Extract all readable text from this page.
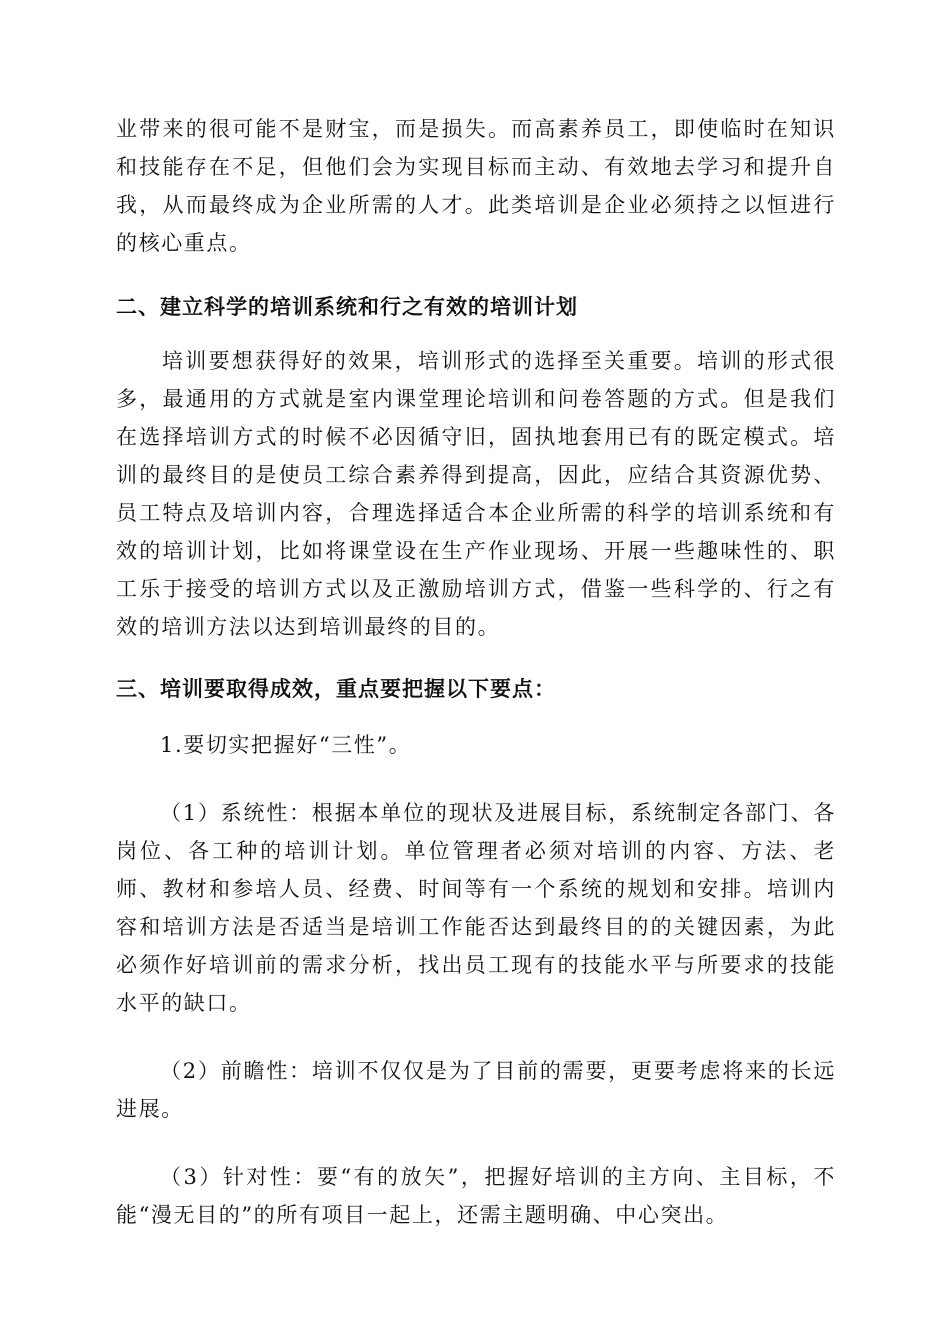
业带来的很可能不是财宝，而是损失。而高素养员工，即使临时在知识和技能存在不足，但他们会为实现目标而主动、有效地去学习和提升自我，从而最终成为企业所需的人才。此类培训是企业必须持之以恒进行的核心重点。

二、建立科学的培训系统和行之有效的培训计划

培训要想获得好的效果，培训形式的选择至关重要。培训的形式很多，最通用的方式就是室内课堂理论培训和问卷答题的方式。但是我们在选择培训方式的时候不必因循守旧，固执地套用已有的既定模式。培训的最终目的是使员工综合素养得到提高，因此，应结合其资源优势、员工特点及培训内容，合理选择适合本企业所需的科学的培训系统和有效的培训计划，比如将课堂设在生产作业现场、开展一些趣味性的、职工乐于接受的培训方式以及正激励培训方式，借鉴一些科学的、行之有效的培训方法以达到培训最终的目的。

三、培训要取得成效，重点要把握以下要点：

1.要切实把握好“三性”。

（1）系统性：根据本单位的现状及进展目标，系统制定各部门、各岗位、各工种的培训计划。单位管理者必须对培训的内容、方法、老师、教材和参培人员、经费、时间等有一个系统的规划和安排。培训内容和培训方法是否适当是培训工作能否达到最终目的的关键因素，为此必须作好培训前的需求分析，找出员工现有的技能水平与所要求的技能水平的缺口。

（2）前瞻性：培训不仅仅是为了目前的需要，更要考虑将来的长远进展。

（3）针对性：要“有的放矢”，把握好培训的主方向、主目标，不能“漫无目的”的所有项目一起上，还需主题明确、中心突出。
